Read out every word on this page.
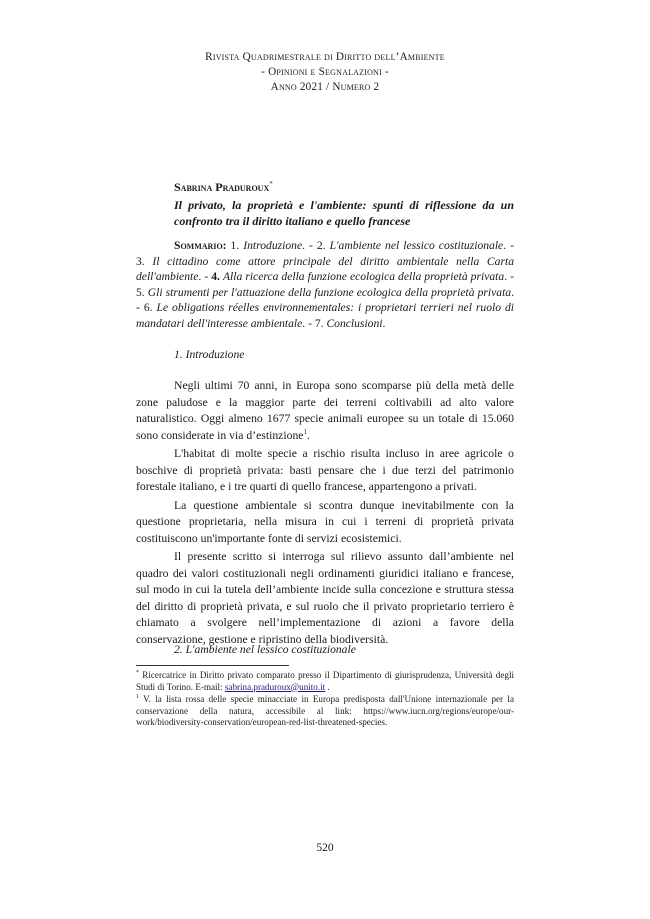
Rivista Quadrimestrale di Diritto dell’Ambiente
- Opinioni e Segnalazioni -
Anno 2021 / Numero 2
Sabrina Praduroux*
Il privato, la proprietà e l'ambiente: spunti di riflessione da un confronto tra il diritto italiano e quello francese
Sommario: 1. Introduzione. - 2. L'ambiente nel lessico costituzionale. - 3. Il cittadino come attore principale del diritto ambientale nella Carta dell'ambiente. - 4. Alla ricerca della funzione ecologica della proprietà privata. - 5. Gli strumenti per l'attuazione della funzione ecologica della proprietà privata. - 6. Le obligations réelles environnementales: i proprietari terrieri nel ruolo di mandatari dell'interesse ambientale. - 7. Conclusioni.
1. Introduzione

Negli ultimi 70 anni, in Europa sono scomparse più della metà delle zone paludose e la maggior parte dei terreni coltivabili ad alto valore naturalistico. Oggi almeno 1677 specie animali europee su un totale di 15.060 sono considerate in via d’estinzione$^1$.

L'habitat di molte specie a rischio risulta incluso in aree agricole o boschive di proprietà privata: basti pensare che i due terzi del patrimonio forestale italiano, e i tre quarti di quello francese, appartengono a privati.

La questione ambientale si scontra dunque inevitabilmente con la questione proprietaria, nella misura in cui i terreni di proprietà privata costituiscono un'importante fonte di servizi ecosistemici.

Il presente scritto si interroga sul rilievo assunto dall’ambiente nel quadro dei valori costituzionali negli ordinamenti giuridici italiano e francese, sul modo in cui la tutela dell’ambiente incide sulla concezione e struttura stessa del diritto di proprietà privata, e sul ruolo che il privato proprietario terriero è chiamato a svolgere nell’implementazione di azioni a favore della conservazione, gestione e ripristino della biodiversità.

2. L'ambiente nel lessico costituzionale

* Ricercatrice in Diritto privato comparato presso il Dipartimento di giurisprudenza, Università degli Studi di Torino. E-mail: sabrina.praduroux@unito.it .

$^1$ V. la lista rossa delle specie minacciate in Europa predisposta dall'Unione internazionale per la conservazione della natura, accessibile al link: https://www.iucn.org/regions/europe/our-work/biodiversity-conservation/european-red-list-threatened-species.

520
